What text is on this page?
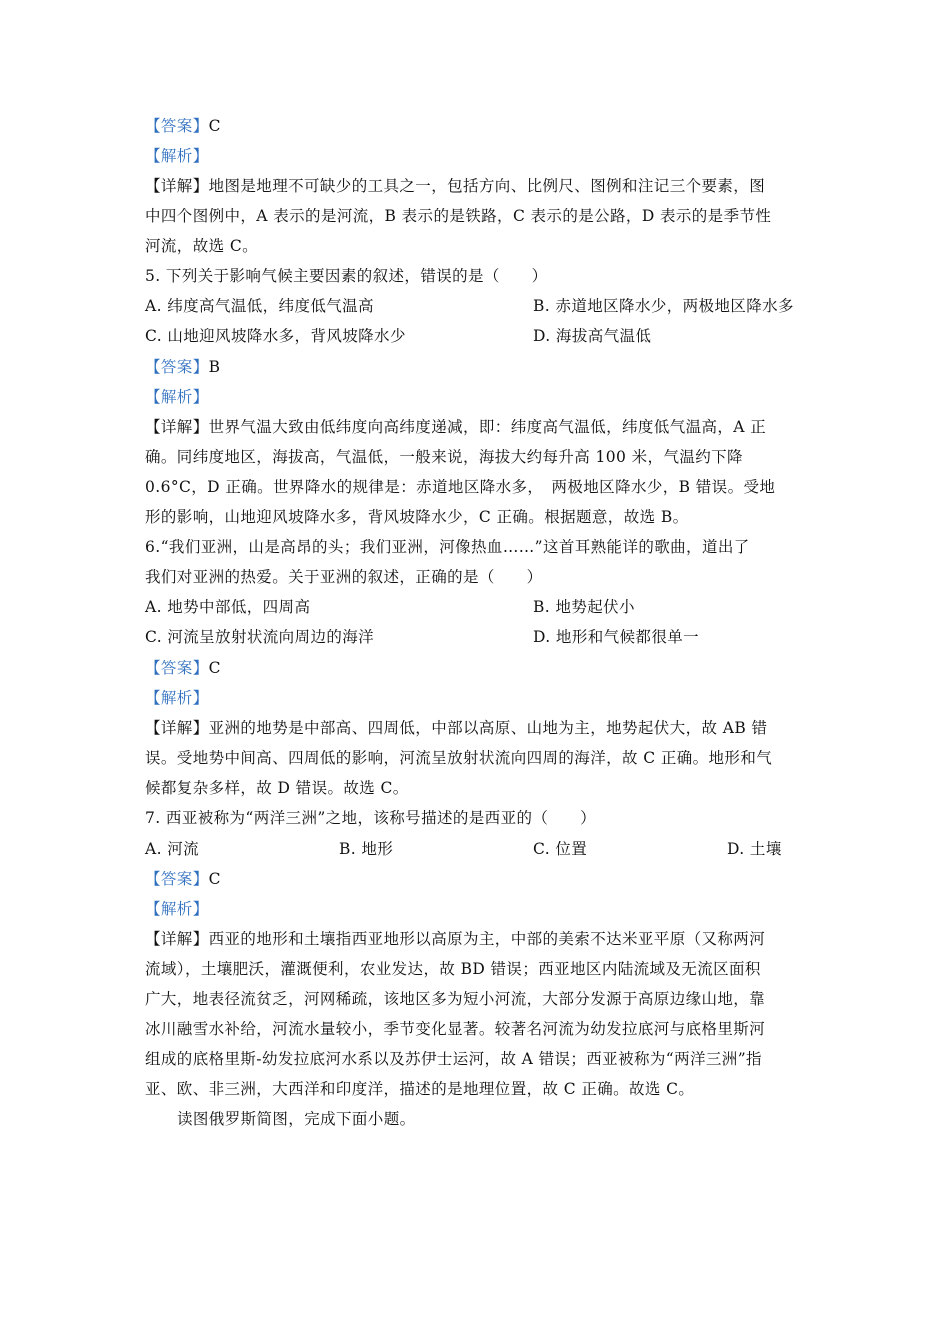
【答案】C
【解析】
【详解】地图是地理不可缺少的工具之一，包括方向、比例尺、图例和注记三个要素，图
中四个图例中，A 表示的是河流，B 表示的是铁路，C 表示的是公路，D 表示的是季节性
河流，故选 C。
5. 下列关于影响气候主要因素的叙述，错误的是（　　）
A. 纬度高气温低，纬度低气温高	B. 赤道地区降水少，两极地区降水多
C. 山地迎风坡降水多，背风坡降水少	D. 海拔高气温低
【答案】B
【解析】
【详解】世界气温大致由低纬度向高纬度递减，即：纬度高气温低，纬度低气温高，A 正
确。同纬度地区，海拔高，气温低，一般来说，海拔大约每升高 100 米，气温约下降
0.6°C，D 正确。世界降水的规律是：赤道地区降水多，　两极地区降水少，B 错误。受地
形的影响，山地迎风坡降水多，背风坡降水少，C 正确。根据题意，故选 B。
6.“我们亚洲，山是高昂的头；我们亚洲，河像热血……”这首耳熟能详的歌曲，道出了
我们对亚洲的热爱。关于亚洲的叙述，正确的是（　　）
A. 地势中部低，四周高	B. 地势起伏小
C. 河流呈放射状流向周边的海洋	D. 地形和气候都很单一
【答案】C
【解析】
【详解】亚洲的地势是中部高、四周低，中部以高原、山地为主，地势起伏大，故 AB 错
误。受地势中间高、四周低的影响，河流呈放射状流向四周的海洋，故 C 正确。地形和气
候都复杂多样，故 D 错误。故选 C。
7. 西亚被称为“两洋三洲”之地，该称号描述的是西亚的（　　）
A. 河流	B. 地形	C. 位置	D. 土壤
【答案】C
【解析】
【详解】西亚的地形和土壤指西亚地形以高原为主，中部的美索不达米亚平原（又称两河
流域），土壤肥沃，灌溉便利，农业发达，故 BD 错误；西亚地区内陆流域及无流区面积
广大，地表径流贫乏，河网稀疏，该地区多为短小河流，大部分发源于高原边缘山地，靠
冰川融雪水补给，河流水量较小，季节变化显著。较著名河流为幼发拉底河与底格里斯河
组成的底格里斯-幼发拉底河水系以及苏伊士运河，故 A 错误；西亚被称为“两洋三洲”指
亚、欧、非三洲，大西洋和印度洋，描述的是地理位置，故 C 正确。故选 C。
读图俄罗斯简图，完成下面小题。
